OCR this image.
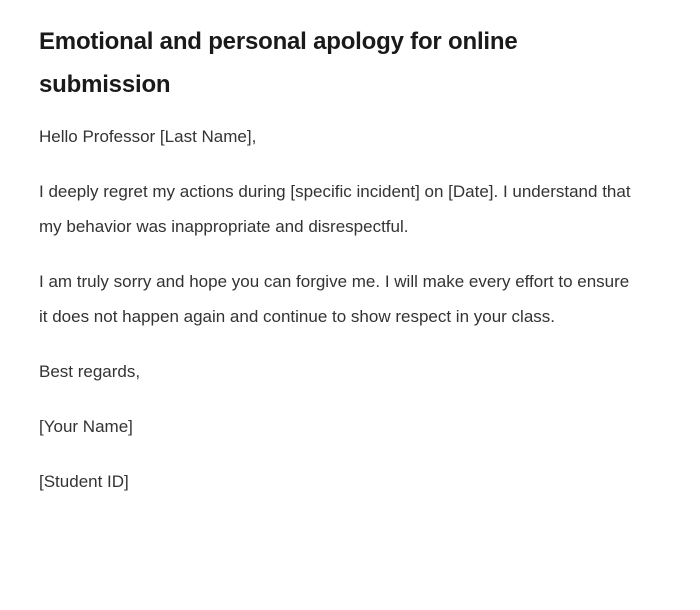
Emotional and personal apology for online submission

Hello Professor [Last Name],

I deeply regret my actions during [specific incident] on [Date]. I understand that my behavior was inappropriate and disrespectful.

I am truly sorry and hope you can forgive me. I will make every effort to ensure it does not happen again and continue to show respect in your class.

Best regards,

[Your Name]

[Student ID]
